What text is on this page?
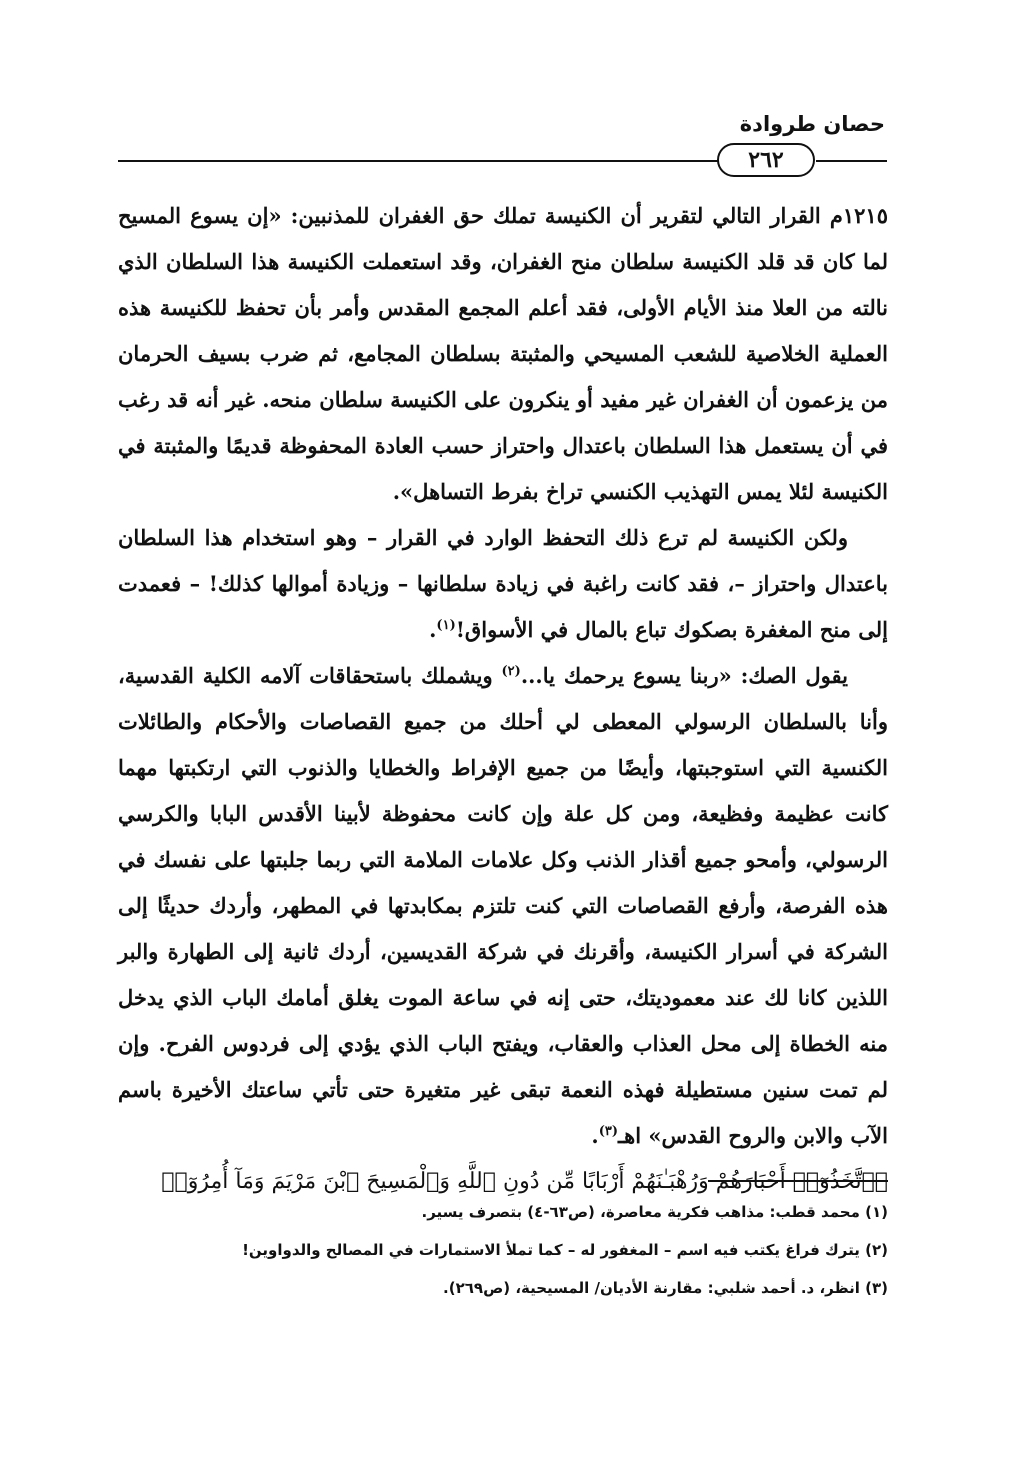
حصان طروادة
٢٦٢

١٢١٥م القرار التالي لتقرير أن الكنيسة تملك حق الغفران للمذنبين: «إن يسوع المسيح لما كان قد قلد الكنيسة سلطان منح الغفران، وقد استعملت الكنيسة هذا السلطان الذي نالته من العلا منذ الأيام الأولى، فقد أعلم المجمع المقدس وأمر بأن تحفظ للكنيسة هذه العملية الخلاصية للشعب المسيحي والمثبتة بسلطان المجامع، ثم ضرب بسيف الحرمان من يزعمون أن الغفران غير مفيد أو ينكرون على الكنيسة سلطان منحه. غير أنه قد رغب في أن يستعمل هذا السلطان باعتدال واحتراز حسب العادة المحفوظة قديمًا والمثبتة في الكنيسة لئلا يمس التهذيب الكنسي تراخ بفرط التساهل».

ولكن الكنيسة لم ترع ذلك التحفظ الوارد في القرار – وهو استخدام هذا السلطان باعتدال واحتراز –، فقد كانت راغبة في زيادة سلطانها – وزيادة أموالها كذلك! – فعمدت إلى منح المغفرة بصكوك تباع بالمال في الأسواق!$^{(١)}$.

يقول الصك: «ربنا يسوع يرحمك يا...$^{(٢)}$ ويشملك باستحقاقات آلامه الكلية القدسية، وأنا بالسلطان الرسولي المعطى لي أحلك من جميع القصاصات والأحكام والطائلات الكنسية التي استوجبتها، وأيضًا من جميع الإفراط والخطايا والذنوب التي ارتكبتها مهما كانت عظيمة وفظيعة، ومن كل علة وإن كانت محفوظة لأبينا الأقدس البابا والكرسي الرسولي، وأمحو جميع أقذار الذنب وكل علامات الملامة التي ربما جلبتها على نفسك في هذه الفرصة، وأرفع القصاصات التي كنت تلتزم بمكابدتها في المطهر، وأردك حديثًا إلى الشركة في أسرار الكنيسة، وأقرنك في شركة القديسين، أردك ثانية إلى الطهارة والبر اللذين كانا لك عند معموديتك، حتى إنه في ساعة الموت يغلق أمامك الباب الذي يدخل منه الخطاة إلى محل العذاب والعقاب، ويفتح الباب الذي يؤدي إلى فردوس الفرح. وإن لم تمت سنين مستطيلة فهذه النعمة تبقى غير متغيرة حتى تأتي ساعتك الأخيرة باسم الآب والابن والروح القدس» اهـ$^{(٣)}$.

﴿ٱتَّخَذُوٓا۟ أَحْبَارَهُمْ وَرُهْبَـٰنَهُمْ أَرْبَابًا مِّن دُونِ ٱللَّهِ وَٱلْمَسِيحَ ٱبْنَ مَرْيَمَ وَمَآ أُمِرُوٓا۟

(١) محمد قطب: مذاهب فكرية معاصرة، (ص٦٣-٤) بتصرف يسير.

(٢) يترك فراغ يكتب فيه اسم – المغفور له – كما تملأ الاستمارات في المصالح والدواوين!

(٣) انظر، د. أحمد شلبي: مقارنة الأديان/ المسيحية، (ص٢٦٩).
